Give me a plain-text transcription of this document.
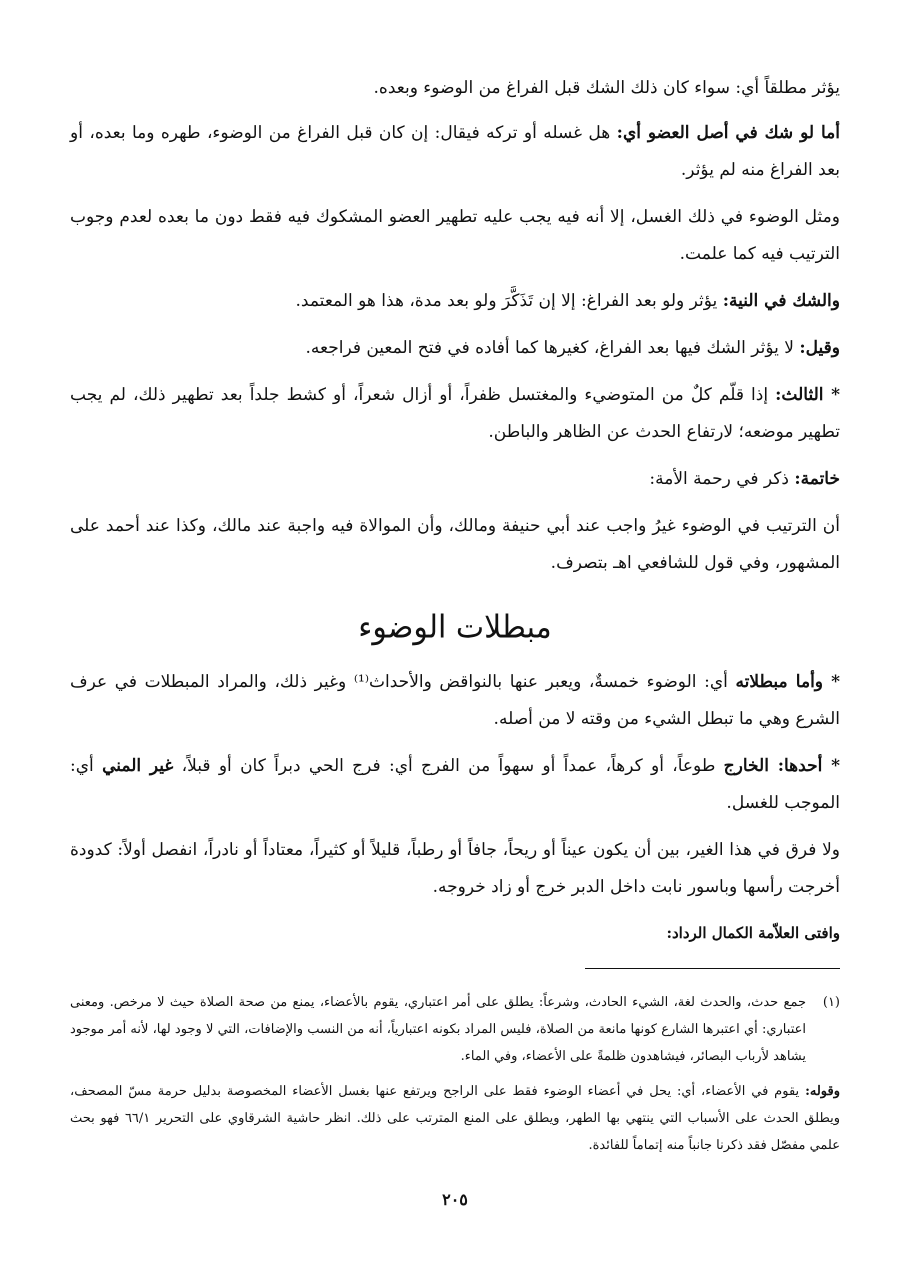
يؤثر مطلقاً أي: سواء كان ذلك الشك قبل الفراغ من الوضوء وبعده.

أما لو شك في أصل العضو أي: هل غسله أو تركه فيقال: إن كان قبل الفراغ من الوضوء، طهره وما بعده، أو بعد الفراغ منه لم يؤثر.

ومثل الوضوء في ذلك الغسل، إلا أنه فيه يجب عليه تطهير العضو المشكوك فيه فقط دون ما بعده لعدم وجوب الترتيب فيه كما علمت.

والشك في النية: يؤثر ولو بعد الفراغ: إلا إن تَذَكَّرَ ولو بعد مدة، هذا هو المعتمد.

وقيل: لا يؤثر الشك فيها بعد الفراغ، كغيرها كما أفاده في فتح المعين فراجعه.

* الثالث: إذا قلّم كلٌ من المتوضيء والمغتسل ظفراً، أو أزال شعراً، أو كشط جلداً بعد تطهير ذلك، لم يجب تطهير موضعه؛ لارتفاع الحدث عن الظاهر والباطن.

خاتمة: ذكر في رحمة الأمة:

أن الترتيب في الوضوء غيرُ واجب عند أبي حنيفة ومالك، وأن الموالاة فيه واجبة عند مالك، وكذا عند أحمد على المشهور، وفي قول للشافعي اهـ بتصرف.

مبطلات الوضوء

* وأما مبطلاته أي: الوضوء خمسةٌ، ويعبر عنها بالنواقض والأحداث⁽¹⁾ وغير ذلك، والمراد المبطلات في عرف الشرع وهي ما تبطل الشيء من وقته لا من أصله.

* أحدها: الخارج طوعاً، أو كرهاً، عمداً أو سهواً من الفرج أي: فرج الحي دبراً كان أو قبلاً، غير المني أي: الموجب للغسل.

ولا فرق في هذا الغير، بين أن يكون عيناً أو ريحاً، جافاً أو رطباً، قليلاً أو كثيراً، معتاداً أو نادراً، انفصل أولاً: كدودة أخرجت رأسها وباسور نابت داخل الدبر خرج أو زاد خروجه.

وافتى العلاّمة الكمال الرداد:

(١)
جمع حدث، والحدث لغة، الشيء الحادث، وشرعاً: يطلق على أمر اعتباري، يقوم بالأعضاء، يمنع من صحة الصلاة حيث لا مرخص. ومعنى اعتباري: أي اعتبرها الشارع كونها مانعة من الصلاة، فليس المراد بكونه اعتبارياً، أنه من النسب والإضافات، التي لا وجود لها، لأنه أمر موجود يشاهد لأرباب البصائر، فيشاهدون ظلمةً على الأعضاء، وفي الماء.

وقوله: يقوم في الأعضاء، أي: يحل في أعضاء الوضوء فقط على الراجح ويرتفع عنها بغسل الأعضاء المخصوصة بدليل حرمة مسّ المصحف، ويطلق الحدث على الأسباب التي ينتهي بها الطهر، ويطلق على المنع المترتب على ذلك. انظر حاشية الشرقاوي على التحرير ٦٦/١ فهو بحث علمي مفصّل فقد ذكرنا جانباً منه إتماماً للفائدة.

٢٠٥
